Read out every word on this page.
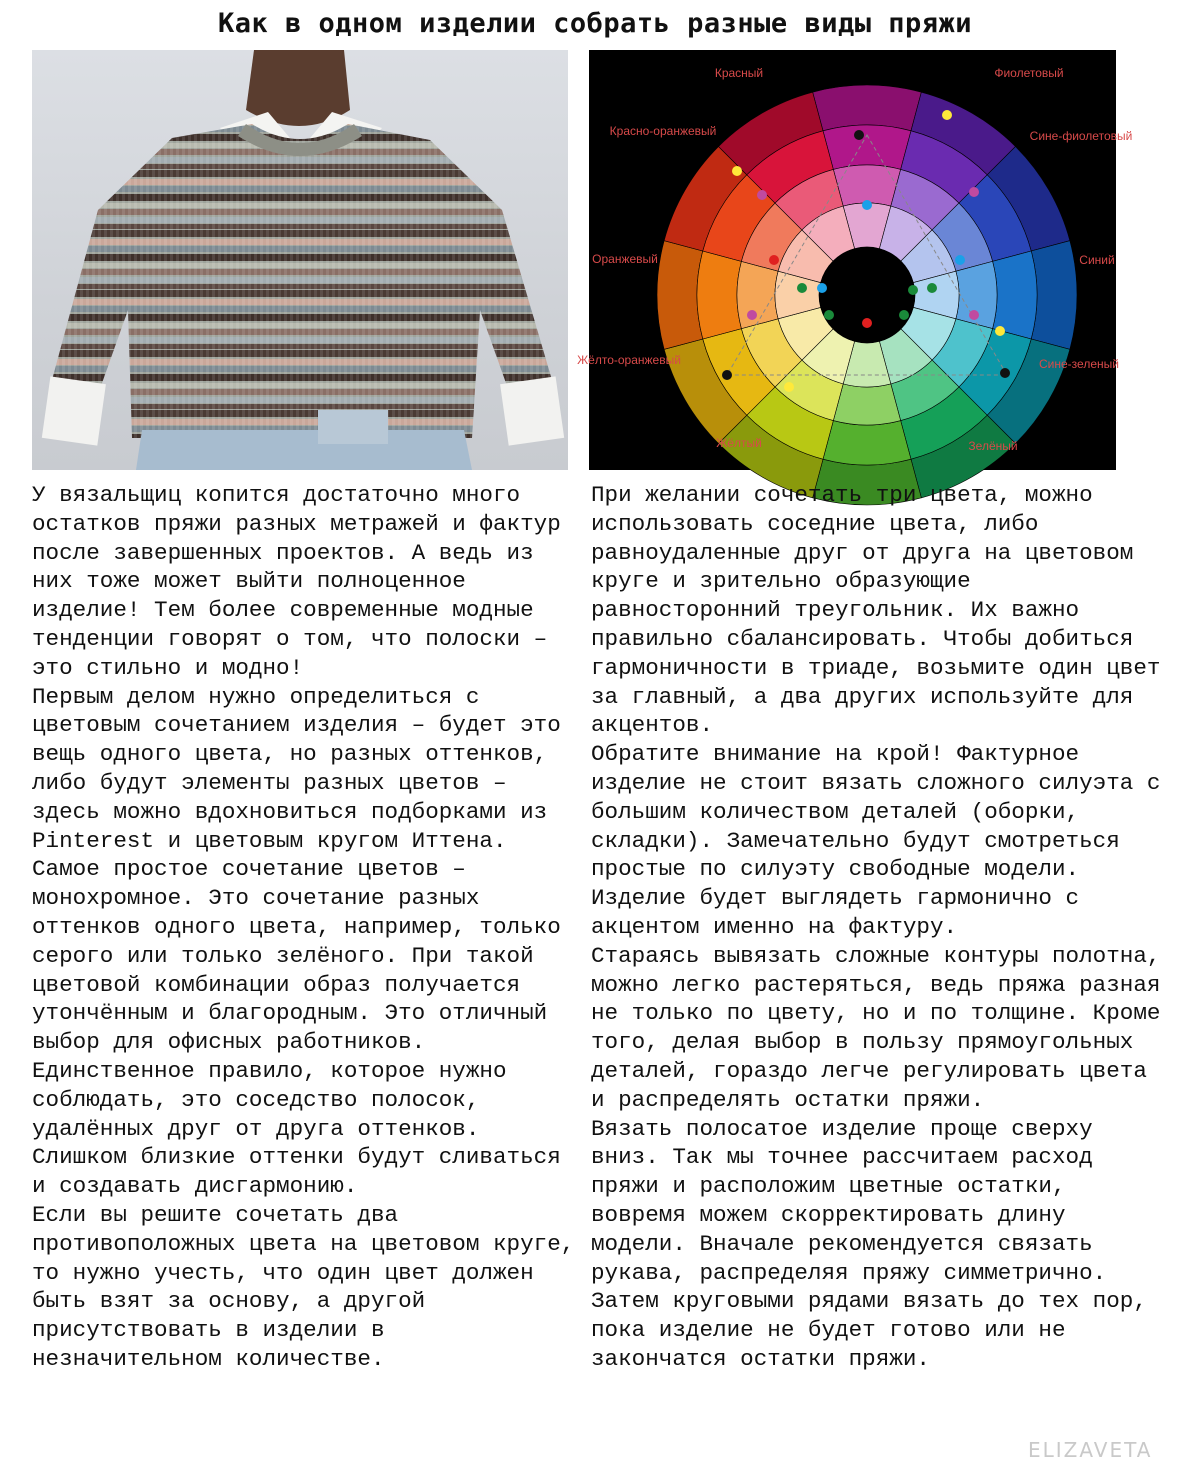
Как в одном изделии собрать разные виды пряжи
Красный	Фиолетовый
Красно-оранжевый	Сине-фиолетовый
Оранжевый	Синий
Жёлто-оранжевый	Сине-зеленый
Жёлтый	Зелёный

У вязальщиц копится достаточно много остатков пряжи разных метражей и фактур после завершенных проектов. А ведь из них тоже может выйти полноценное изделие! Тем более современные модные тенденции говорят о том, что полоски – это стильно и модно!

Первым делом нужно определиться с цветовым сочетанием изделия – будет это вещь одного цвета, но разных оттенков, либо будут элементы разных цветов – здесь можно вдохновиться подборками из Pinterest и цветовым кругом Иттена.

Самое простое сочетание цветов – монохромное. Это сочетание разных оттенков одного цвета, например, только серого или только зелёного. При такой цветовой комбинации образ получается утончённым и благородным. Это отличный выбор для офисных работников. Единственное правило, которое нужно соблюдать, это соседство полосок, удалённых друг от друга оттенков. Слишком близкие оттенки будут сливаться и создавать дисгармонию.

Если вы решите сочетать два противоположных цвета на цветовом круге, то нужно учесть, что один цвет должен быть взят за основу, а другой присутствовать в изделии в незначительном количестве.

При желании сочетать три цвета, можно использовать соседние цвета, либо равноудаленные друг от друга на цветовом круге и зрительно образующие равносторонний треугольник. Их важно правильно сбалансировать. Чтобы добиться гармоничности в триаде, возьмите один цвет за главный, а два других используйте для акцентов.

Обратите внимание на крой! Фактурное изделие не стоит вязать сложного силуэта с большим количеством деталей (оборки, складки). Замечательно будут смотреться простые по силуэту свободные модели. Изделие будет выглядеть гармонично с акцентом именно на фактуру.

Стараясь вывязать сложные контуры полотна, можно легко растеряться, ведь пряжа разная не только по цвету, но и по толщине. Кроме того, делая выбор в пользу прямоугольных деталей, гораздо легче регулировать цвета и распределять остатки пряжи.

Вязать полосатое изделие проще сверху вниз. Так мы точнее рассчитаем расход пряжи и расположим цветные остатки, вовремя можем скорректировать длину модели. Вначале рекомендуется связать рукава, распределяя пряжу симметрично. Затем круговыми рядами вязать до тех пор, пока изделие не будет готово или не закончатся остатки пряжи.

ELIZAVETA
